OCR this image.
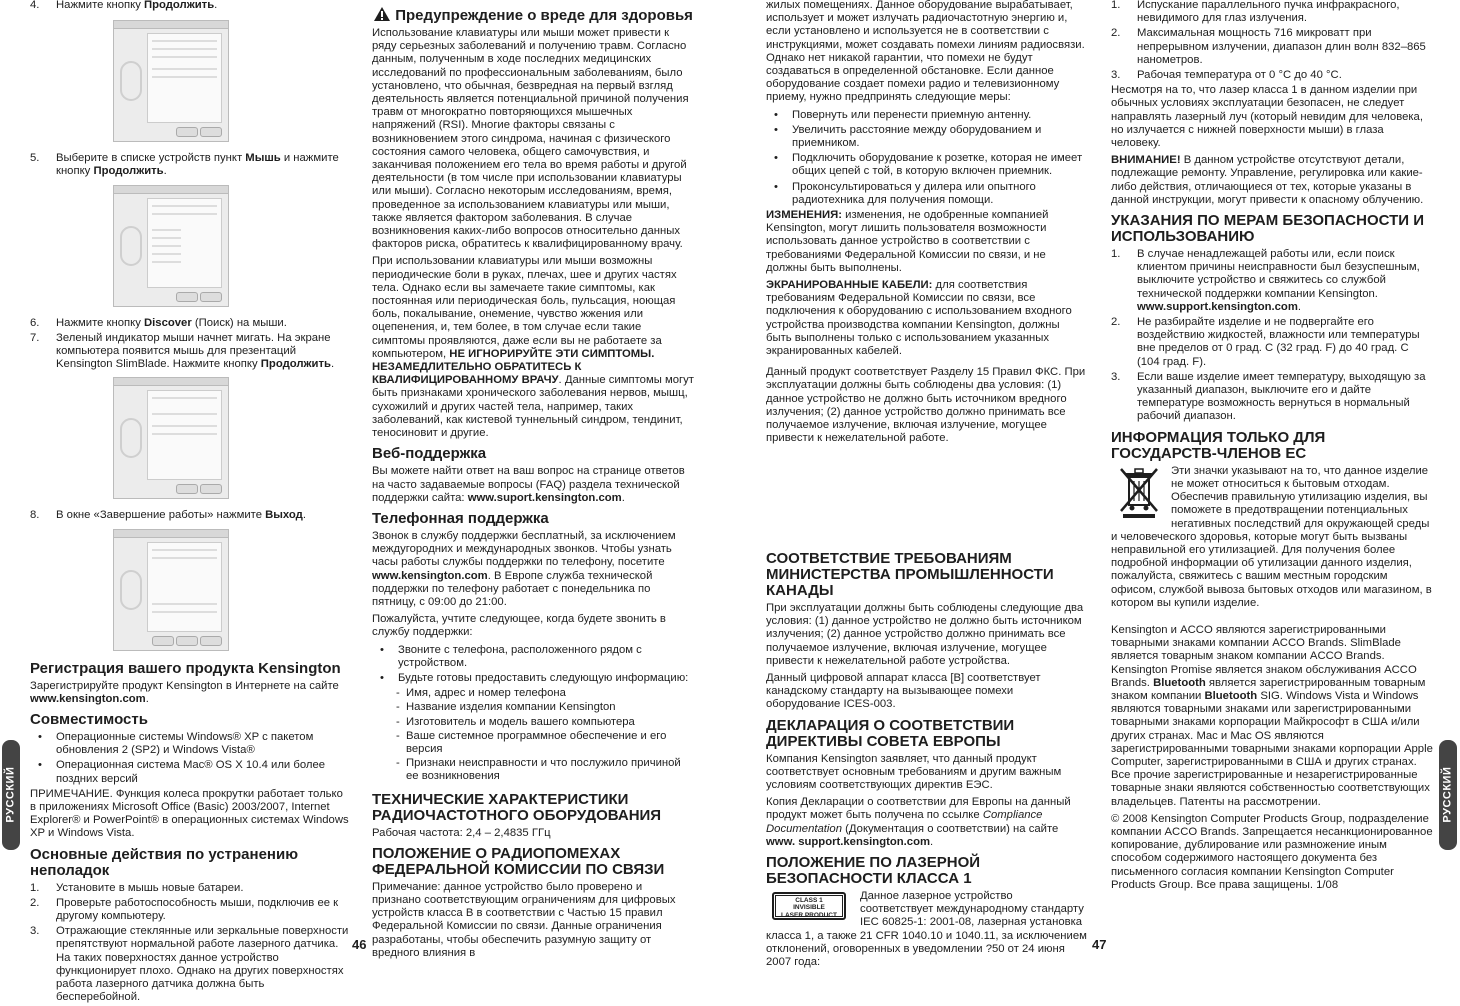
4.	Нажмите кнопку Продолжить.
5.	Выберите в списке устройств пункт Мышь и нажмите кнопку Продолжить.
6.	Нажмите кнопку Discover (Поиск) на мыши.
7.	Зеленый индикатор мыши начнет мигать. На экране компьютера появится мышь для презентаций Kensington SlimBlade. Нажмите кнопку Продолжить.
8.	В окне «Завершение работы» нажмите Выход.
Регистрация вашего продукта Kensington

Зарегистрируйте продукт Kensington в Интернете на сайте www.kensington.com.

Совместимость
•	Операционные системы Windows® XP с пакетом обновления 2 (SP2) и Windows Vista®
•	Операционная система Mac® OS X 10.4 или более поздних версий

ПРИМЕЧАНИЕ. Функция колеса прокрутки работает только в приложениях Microsoft Office (Basic) 2003/2007, Internet Explorer® и PowerPoint® в операционных системах Windows XP и Windows Vista.

Основные действия по устранению неполадок
1.	Установите в мышь новые батареи.
2.	Проверьте работоспособность мыши, подключив ее к другому компьютеру.
3.	Отражающие стеклянные или зеркальные поверхности препятствуют нормальной работе лазерного датчика. На таких поверхностях данное устройство функционирует плохо. Однако на других поверхностях работа лазерного датчика должна быть бесперебойной.
РУССКИЙ
46
Предупреждение о вреде для здоровья

Использование клавиатуры или мыши может привести к ряду серьезных заболеваний и получению травм. Согласно данным, полученным в ходе последних медицинских исследований по профессиональным заболеваниям, было установлено, что обычная, безвредная на первый взгляд деятельность является потенциальной причиной получения травм от многократно повторяющихся мышечных напряжений (RSI). Многие факторы связаны с возникновением этого синдрома, начиная с физического состояния самого человека, общего самочувствия, и заканчивая положением его тела во время работы и другой деятельности (в том числе при использовании клавиатуры или мыши). Согласно некоторым исследованиям, время, проведенное за использованием клавиатуры или мыши, также является фактором заболевания. В случае возникновения каких-либо вопросов относительно данных факторов риска, обратитесь к квалифицированному врачу.

При использовании клавиатуры или мыши возможны периодические боли в руках, плечах, шее и других частях тела. Однако если вы замечаете такие симптомы, как постоянная или периодическая боль, пульсация, ноющая боль, покалывание, онемение, чувство жжения или оцепенения, и, тем более, в том случае если такие симптомы проявляются, даже если вы не работаете за компьютером, НЕ ИГНОРИРУЙТЕ ЭТИ СИМПТОМЫ. НЕЗАМЕДЛИТЕЛЬНО ОБРАТИТЕСЬ К КВАЛИФИЦИРОВАННОМУ ВРАЧУ. Данные симптомы могут быть признаками хронического заболевания нервов, мышц, сухожилий и других частей тела, например, таких заболеваний, как кистевой туннельный синдром, тендинит, теносиновит и другие.

Веб-поддержка

Вы можете найти ответ на ваш вопрос на странице ответов на часто задаваемые вопросы (FAQ) раздела технической поддержки сайта: www.suport.kensington.com.

Телефонная поддержка

Звонок в службу поддержки бесплатный, за исключением междугородних и международных звонков. Чтобы узнать часы работы службы поддержки по телефону, посетите www.kensington.com. В Европе служба технической поддержки по телефону работает с понедельника по пятницу, с 09:00 до 21:00.

Пожалуйста, учтите следующее, когда будете звонить в службу поддержки:

•	Звоните с телефона, расположенного рядом с устройством.
•	Будьте готовы предоставить следующую информацию:
- Имя, адрес и номер телефона
- Название изделия компании Kensington
- Изготовитель и модель вашего компьютера
- Ваше системное программное обеспечение и его версия
- Признаки неисправности и что послужило причиной ее возникновения
ТЕХНИЧЕСКИЕ ХАРАКТЕРИСТИКИ РАДИОЧАСТОТНОГО ОБОРУДОВАНИЯ

Рабочая частота: 2,4 – 2,4835 ГГц

ПОЛОЖЕНИЕ О РАДИОПОМЕХАХ ФЕДЕРАЛЬНОЙ КОМИССИИ ПО СВЯЗИ

Примечание: данное устройство было проверено и признано соответствующим ограничениям для цифровых устройств класса В в соответствии с Частью 15 правил Федеральной Комиссии по связи. Данные ограничения разработаны, чтобы обеспечить разумную защиту от вредного влияния в

жилых помещениях. Данное оборудование вырабатывает, использует и может излучать радиочастотную энергию и, если установлено и используется не в соответствии с инструкциями, может создавать помехи линиям радиосвязи. Однако нет никакой гарантии, что помехи не будут создаваться в определенной обстановке. Если данное оборудование создает помехи радио и телевизионному приему, нужно предпринять следующие меры:

•	Повернуть или перенести приемную антенну.
•	Увеличить расстояние между оборудованием и приемником.
•	Подключить оборудование к розетке, которая не имеет общих цепей с той, в которую включен приемник.
•	Проконсультироваться у дилера или опытного радиотехника для получения помощи.

ИЗМЕНЕНИЯ: изменения, не одобренные компанией Kensington, могут лишить пользователя возможности использовать данное устройство в соответствии с требованиями Федеральной Комиссии по связи, и не должны быть выполнены.

ЭКРАНИРОВАННЫЕ КАБЕЛИ: для соответствия требованиям Федеральной Комиссии по связи, все подключения к оборудованию с использованием входного устройства производства компании Kensington, должны быть выполнены только с использованием указанных экранированных кабелей.

Данный продукт соответствует Разделу 15 Правил ФКС. При эксплуатации должны быть соблюдены два условия: (1) данное устройство не должно быть источником вредного излучения; (2) данное устройство должно принимать все получаемое излучение, включая излучение, могущее привести к нежелательной работе.

СООТВЕТСТВИЕ ТРЕБОВАНИЯМ МИНИСТЕРСТВА ПРОМЫШЛЕННОСТИ КАНАДЫ

При эксплуатации должны быть соблюдены следующие два условия: (1) данное устройство не должно быть источником излучения; (2) данное устройство должно принимать все получаемое излучение, включая излучение, могущее привести к нежелательной работе устройства.

Данный цифровой аппарат класса [B] соответствует канадскому стандарту на вызывающее помехи оборудование ICES-003.

ДЕКЛАРАЦИЯ О СООТВЕТСТВИИ ДИРЕКТИВЫ СОВЕТА ЕВРОПЫ

Компания Kensington заявляет, что данный продукт соответствует основным требованиям и другим важным условиям соответствующих директив ЕЭС.

Копия Декларации о соответствии для Европы на данный продукт может быть получена по ссылке Compliance Documentation (Документация о соответствии) на сайте
www. support.kensington.com.

ПОЛОЖЕНИЕ ПО ЛАЗЕРНОЙ БЕЗОПАСНОСТИ КЛАССА 1
CLASS 1
INVISIBLE
LASER PRODUCT

Данное лазерное устройство соответствует международному стандарту IEC 60825-1: 2001-08, лазерная установка класса 1, а также 21 CFR 1040.10 и 1040.11, за исключением отклонений, оговоренных в уведомлении ?50 от 24 июня 2007 года:

1.	Испускание параллельного пучка инфракрасного, невидимого для глаз излучения.
2.	Максимальная мощность 716 микроватт при непрерывном излучении, диапазон длин волн 832–865 нанометров.
3.	Рабочая температура от 0 °С до 40 °С.

Несмотря на то, что лазер класса 1 в данном изделии при обычных условиях эксплуатации безопасен, не следует направлять лазерный луч (который невидим для человека, но излучается с нижней поверхности мыши) в глаза человеку.

ВНИМАНИЕ! В данном устройстве отсутствуют детали, подлежащие ремонту. Управление, регулировка или какие-либо действия, отличающиеся от тех, которые указаны в данной инструкции, могут привести к опасному облучению.

УКАЗАНИЯ ПО МЕРАМ БЕЗОПАСНОСТИ И ИСПОЛЬЗОВАНИЮ
1.	В случае ненадлежащей работы или, если поиск клиентом причины неисправности был безуспешным, выключите устройство и свяжитесь со службой технической поддержки компании Kensington.
www.support.kensington.com.
2.	Не разбирайте изделие и не подвергайте его воздействию жидкостей, влажности или температуры вне пределов от 0 град. С (32 град. F) до 40 град. С (104 град. F).
3.	Если ваше изделие имеет температуру, выходящую за указанный диапазон, выключите его и дайте температуре возможность вернуться в нормальный рабочий диапазон.
ИНФОРМАЦИЯ ТОЛЬКО ДЛЯ ГОСУДАРСТВ-ЧЛЕНОВ ЕС

Эти значки указывают на то, что данное изделие не может относиться к бытовым отходам. Обеспечив правильную утилизацию изделия, вы поможете в предотвращении потенциальных негативных последствий для окружающей среды и человеческого здоровья, которые могут быть вызваны неправильной его утилизацией. Для получения более подробной информации об утилизации данного изделия, пожалуйста, свяжитесь с вашим местным городским офисом, службой вывоза бытовых отходов или магазином, в котором вы купили изделие.

Kensington и ACCO являются зарегистрированными товарными знаками компании ACCO Brands. SlimBlade является товарным знаком компании ACCO Brands. Kensington Promise является знаком обслуживания ACCO Brands. Bluetooth является зарегистрированным товарным знаком компании Bluetooth SIG. Windows Vista и Windows являются товарными знаками или зарегистрированными товарными знаками корпорации Майкрософт в США и/или других странах. Mac и Mac OS являются зарегистрированными товарными знаками корпорации Apple Computer, зарегистрированными в США и других странах. Все прочие зарегистрированные и незарегистрированные товарные знаки являются собственностью соответствующих владельцев. Патенты на рассмотрении.

© 2008 Kensington Computer Products Group, подразделение компании ACCO Brands. Запрещается несанкционированное копирование, дублирование или размножение иным способом содержимого настоящего документа без письменного согласия компании Kensington Computer Products Group. Все права защищены. 1/08

РУССКИЙ
47
